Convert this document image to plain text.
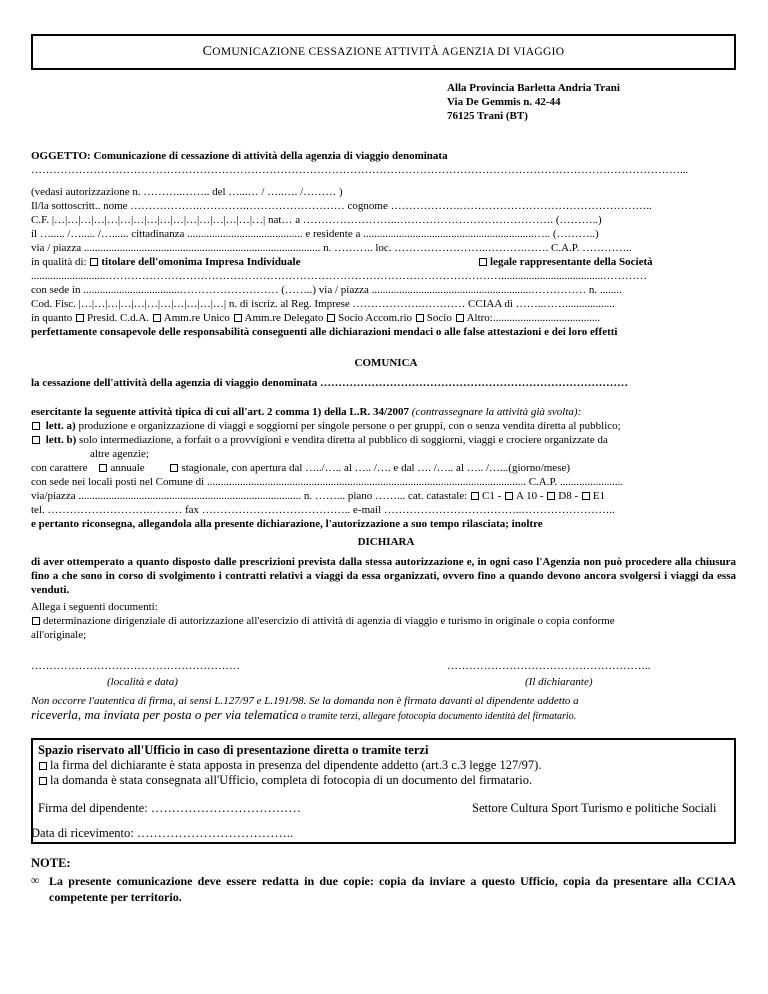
C OMUNICAZIONE CESSAZIONE ATTIVITÀ AGENZIA DI VIAGGIO
Alla Provincia Barletta Andria Trani
Via De Gemmis n. 42-44
76125 Trani (BT)
OGGETTO: Comunicazione di cessazione di attività della agenzia di viaggio denominata
……………………………………………………………………………………………………………………………………………………………...
(vedasi autorizzazione n. ………..…….. del …...… / …..…. /……… )
Il/la sottoscritt.. nome ……………….………….……………………… cognome ……………….……………………………………………..
C.F. |…|…|…|…|…|…|…|…|…|…|…|…|…|…|…|…| nat… a ……………………..……………………………………. (………..)
il …..... /…..... /…...... cittadinanza .......................................... e residente a ..............................................................….. (………..)
via / piazza ...................................................................................... n. ……….. loc. ……………………..……….……. C.A.P. …………..
in qualità di: titolare dell'omonima Impresa Individuale	legale rappresentante della Società
...........................……………………………………………………………………………………………….....................................…………
con sede in ...................................……………………… (……..) via / piazza ..........................................................…………… n. ........
Cod. Fisc. |…|…|…|…|…|…|…|…|…|…|…| n. di iscriz. al Reg. Imprese ……………….………… CCIAA di ……..……..................
in quanto Presid. C.d.A. Amm.re Unico Amm.re Delegato Socio Accom.rio Socio Altro:.......................................
perfettamente consapevole delle responsabilità conseguenti alle dichiarazioni mendaci o alle false attestazioni e dei loro effetti
COMUNICA
la cessazione dell'attività della agenzia di viaggio denominata …………………………………………………………………………
esercitante la seguente attività tipica di cui all'art. 2 comma 1) della L.R. 34/2007 (contrassegnare la attività già svolta):
lett. a) produzione e organizzazione di viaggi e soggiorni per singole persone o per gruppi, con o senza vendita diretta al pubblico;
lett. b) solo intermediazione, a forfait o a provvigioni e vendita diretta al pubblico di soggiorni, viaggi e crociere organizzate da
altre agenzie;
con carattere annuale	stagionale, con apertura dal …../….. al ….. /…. e dal …. /….. al ….. /…...(giorno/mese)
con sede nei locali posti nel Comune di .................................................................................................................... C.A.P. .......................
via/piazza ................................................................................. n. ……... piano ……... cat. catastale: C1 - A 10 - D8 - E1
tel. ……………………….……… fax ………………………………….. e-mail ………………………………..……………………..
e pertanto riconsegna, allegandola alla presente dichiarazione, l'autorizzazione a suo tempo rilasciata; inoltre
DICHIARA
di aver ottemperato a quanto disposto dalle prescrizioni prevista dalla stessa autorizzazione e, in ogni caso l'Agenzia non può procedere alla chiusura fino a che sono in corso di svolgimento i contratti relativi a viaggi da essa organizzati, ovvero fino a quando devono ancora svolgersi i viaggi da essa venduti.
Allega i seguenti documenti:
determinazione dirigenziale di autorizzazione all'esercizio di attività di agenzia di viaggio e turismo in originale o copia conforme
all'originale;
…………………………………………………	………………………………………………..
(località e data)	(Il dichiarante)
Non occorre l'autentica di firma, ai sensi L.127/97 e L.191/98. Se la domanda non è firmata davanti al dipendente addetto a
riceverla, ma inviata per posta o per via telematica o tramite terzi, allegare fotocopia documento identità del firmatario.
Spazio riservato all'Ufficio in caso di presentazione diretta o tramite terzi
la firma del dichiarante è stata apposta in presenza del dipendente addetto (art.3 c.3 legge 127/97).
la domanda è stata consegnata all'Ufficio, completa di fotocopia di un documento del firmatario.
Firma del dipendente: ………………………………	Settore Cultura Sport Turismo e politiche Sociali
Data di ricevimento: ………………………………..
NOTE:
∞ La presente comunicazione deve essere redatta in due copie: copia da inviare a questo Ufficio, copia da presentare alla CCIAA competente per territorio.
